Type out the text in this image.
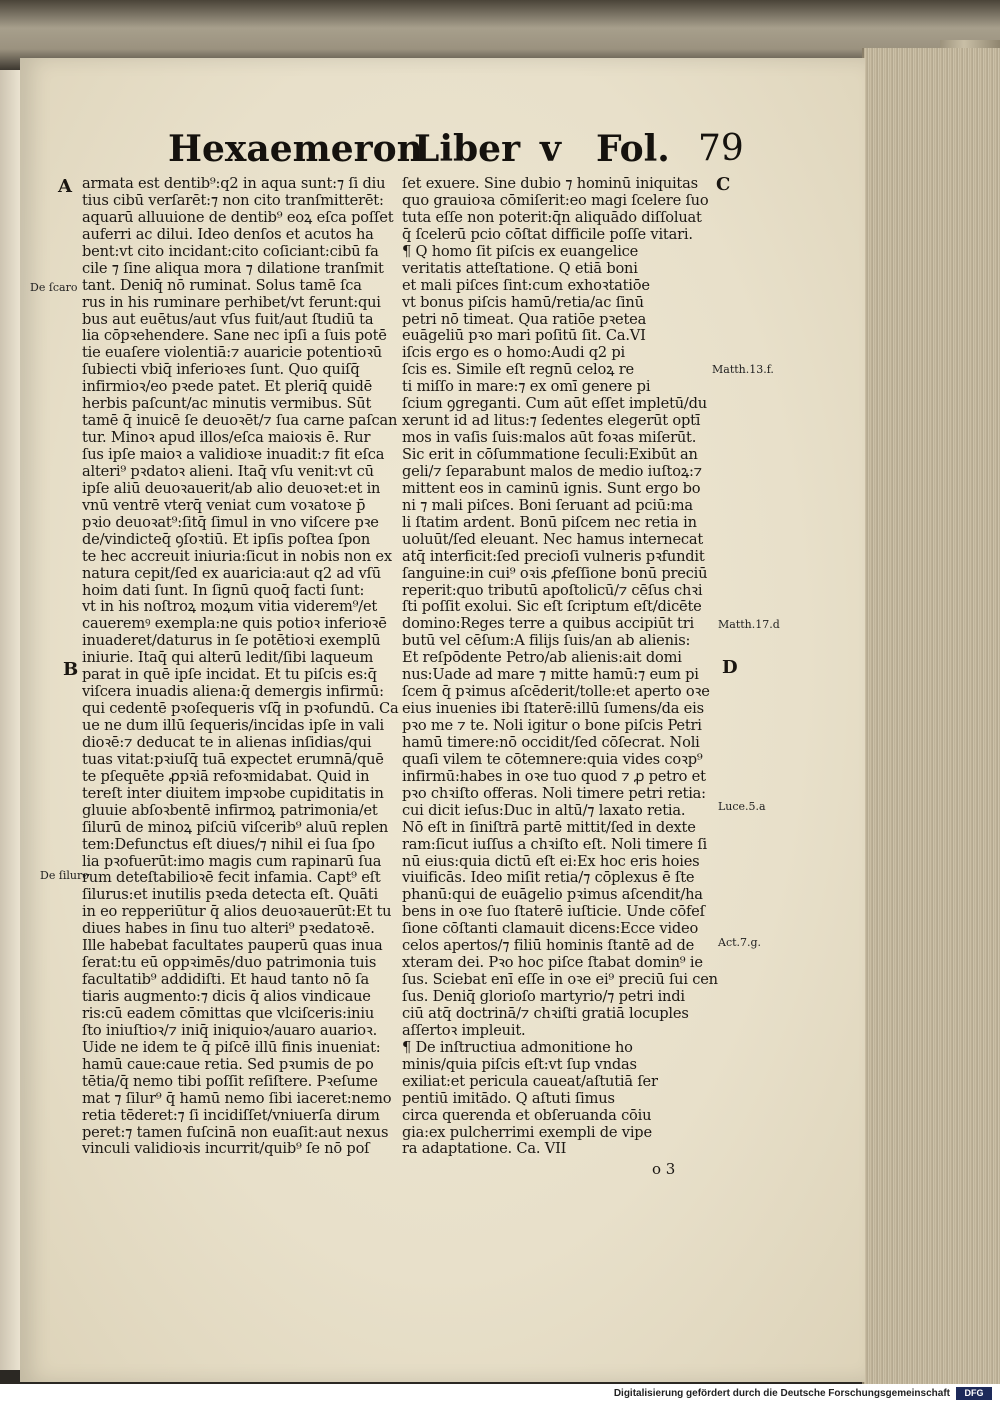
Hexaemeron
Liber v Fol. 79
armata est dentib⁹:q2 in aqua sunt:⁊ ſi diu
tius cibū verſarēt:⁊ non cito tranſmitterēt:
aquarū alluuione de dentib⁹ eoꝝ eſca poſſet
auferri ac dilui. Ideo denſos et acutos ha
bent:vt cito incidant:cito coſiciant:cibū fa
cile ⁊ ſine aliqua mora ⁊ dilatione tranſmit
tant. Deniq̄ nō ruminat. Solus tamē ſca
rus in his ruminare perhibet/vt ferunt:qui
bus aut euētus/aut vſus fuit/aut ſtudiū ta
lia cōpꝛehendere. Sane nec ipſi a ſuis potē
tie euaſere violentiā:⁊ auaricie potentioꝛū
ſubiecti vbiq̄ inferioꝛes ſunt. Quo quiſq̄
infirmioꝛ/eo pꝛede patet. Et pleriq̄ quidē
herbis paſcunt/ac minutis vermibus. Sūt
tamē q̄ inuicē ſe deuoꝛēt/⁊ ſua carne paſcan
tur. Minoꝛ apud illos/eſca maioꝛis ē. Rur
ſus ipſe maioꝛ a validioꝛe inuadit:⁊ fit eſca
alteri⁹ pꝛdatoꝛ alieni. Itaq̄ vſu venit:vt cū
ipſe aliū deuoꝛauerit/ab alio deuoꝛet:et in
vnū ventrē vterq̄ veniat cum voꝛatoꝛe p̄
pꝛio deuoꝛat⁹:ſitq̄ ſimul in vno viſcere pꝛe
de/vindicteq̄ ꝯſoꝛtiū. Et ipſis poſtea ſpon
te hec accreuit iniuria:ſicut in nobis non ex
natura cepit/ſed ex auaricia:aut q2 ad vſū
hoim dati ſunt. In ſignū quoq̄ facti ſunt:
vt in his noſtroꝝ moꝝum vitia viderem⁹/et
caueremꝰ exempla:ne quis potioꝛ inferioꝛē
inuaderet/daturus in ſe potētioꝛi exemplū
iniurie. Itaq̄ qui alterū ledit/ſibi laqueum
parat in quē ipſe incidat. Et tu piſcis es:q̄
viſcera inuadis aliena:q̄ demergis infirmū:
qui cedentē pꝛoſequeris vſq̄ in pꝛofundū. Ca
ue ne dum illū ſequeris/incidas ipſe in vali
dioꝛē:⁊ deducat te in alienas inſidias/qui
tuas vitat:pꝛiuſq̄ tuā expectet erumnā/quē
te pſequēte ꝓpꝛiā refoꝛmidabat. Quid in
tereſt inter diuitem impꝛobe cupiditatis in
gluuie abſoꝛbentē infirmoꝝ patrimonia/et
ſilurū de minoꝝ piſciū viſcerib⁹ aluū replen
tem:Defunctus eſt diues/⁊ nihil ei ſua ſpo
lia pꝛofuerūt:imo magis cum rapinarū ſua
rum deteſtabilioꝛē fecit infamia. Capt⁹ eſt
ſilurus:et inutilis pꝛeda detecta eſt. Quāti
in eo repperiūtur q̄ alios deuoꝛauerūt:Et tu
diues habes in ſinu tuo alteri⁹ pꝛedatoꝛē.
Ille habebat facultates pauperū quas inua
ſerat:tu eū oppꝛimēs/duo patrimonia tuis
facultatib⁹ addidiſti. Et haud tanto nō ſa
tiaris augmento:⁊ dicis q̄ alios vindicaue
ris:cū eadem cōmittas que vlciſceris:iniu
ſto iniuſtioꝛ/⁊ iniq̄ iniquioꝛ/auaro auarioꝛ.
Uide ne idem te q̄ piſcē illū finis inueniat:
hamū caue:caue retia. Sed pꝛumis de po
tētia/q̄ nemo tibi poſſit reſiſtere. Pꝛeſume
mat ⁊ ſilur⁹ q̄ hamū nemo ſibi iaceret:nemo
retia tēderet:⁊ ſi incidiſſet/vniuerſa dirum
peret:⁊ tamen fuſcinā non euaſit:aut nexus
vinculi validioꝛis incurrit/quib⁹ ſe nō poſ
ſet exuere. Sine dubio ⁊ hominū iniquitas
quo grauioꝛa cōmiſerit:eo magi ſcelere ſuo
tuta eſſe non poterit:q̄n aliquādo diſſoluat
q̄ ſcelerū pcio cōſtat difficile poſſe vitari.
¶ Q homo ſit piſcis ex euangelice
veritatis atteſtatione. Q etiā boni
et mali piſces ſint:cum exhoꝛtatiōe
vt bonus piſcis hamū/retia/ac ſinū
petri nō timeat. Qua ratiōe pꝛetea
euāgeliū pꝛo mari poſitū ſit. Ca.VI
iſcis ergo es o homo:Audi q2 pi
ſcis es. Simile eſt regnū celoꝝ re
ti miſſo in mare:⁊ ex omī genere pi
ſcium ꝯgreganti. Cum aūt eſſet impletū/du
xerunt id ad litus:⁊ ſedentes elegerūt optī
mos in vaſis ſuis:malos aūt foꝛas miſerūt.
Sic erit in cōſummatione ſeculi:Exibūt an
geli/⁊ ſeparabunt malos de medio iuſtoꝝ:⁊
mittent eos in caminū ignis. Sunt ergo bo
ni ⁊ mali piſces. Boni ſeruant ad pciū:ma
li ſtatim ardent. Bonū piſcem nec retia in
uoluūt/ſed eleuant. Nec hamus internecat
atq̄ interficit:ſed precioſi vulneris pꝛfundit
ſanguine:in cui⁹ oꝛis ꝓfeſſione bonū preciū
reperit:quo tributū apoſtolicū/⁊ cēſus chꝛi
ſti poſſit exolui. Sic eſt ſcriptum eſt/dicēte
domino:Reges terre a quibus accipiūt tri
butū vel cēſum:A filijs ſuis/an ab alienis:
Et reſpōdente Petro/ab alienis:ait domi
nus:Uade ad mare ⁊ mitte hamū:⁊ eum pi
ſcem q̄ pꝛimus aſcēderit/tolle:et aperto oꝛe
eius inuenies ibi ſtaterē:illū ſumens/da eis
pꝛo me ⁊ te. Noli igitur o bone piſcis Petri
hamū timere:nō occidit/ſed cōſecrat. Noli
quaſi vilem te cōtemnere:quia vides coꝛp⁹
infirmū:habes in oꝛe tuo quod ⁊ ꝓ petro et
pꝛo chꝛiſto offeras. Noli timere petri retia:
cui dicit ieſus:Duc in altū/⁊ laxato retia.
Nō eſt in ſiniſtrā partē mittit/ſed in dexte
ram:ſicut iuſſus a chꝛiſto eſt. Noli timere ſi
nū eius:quia dictū eſt ei:Ex hoc eris hoies
viuificās. Ideo miſit retia/⁊ cōplexus ē ſte
phanū:qui de euāgelio pꝛimus aſcendit/ha
bens in oꝛe ſuo ſtaterē iuſticie. Unde cōfeſ
ſione cōſtanti clamauit dicens:Ecce video
celos apertos/⁊ filiū hominis ſtantē ad de
xteram dei. Pꝛo hoc piſce ſtabat domin⁹ ie
ſus. Sciebat enī eſſe in oꝛe ei⁹ preciū ſui cen
ſus. Deniq̄ glorioſo martyrio/⁊ petri indi
ciū atq̄ doctrinā/⁊ chꝛiſti gratiā locuples
aſſertoꝛ impleuit.
¶ De inſtructiua admonitione ho
minis/quia piſcis eſt:vt ſup vndas
exiliat:et pericula caueat/aſtutiā ſer
pentiū imitādo. Q aſtuti ſimus
circa querenda et obſeruanda cōiu
gia:ex pulcherrimi exempli de vipe
ra adaptatione. Ca. VII
A
De ſcaro
B
De ſiluro
C
Matth.13.f.
Matth.17.d
D
Luce.5.a
Act.7.g.
o 3
Digitalisierung gefördert durch die Deutsche Forschungsgemeinschaft	DFG
